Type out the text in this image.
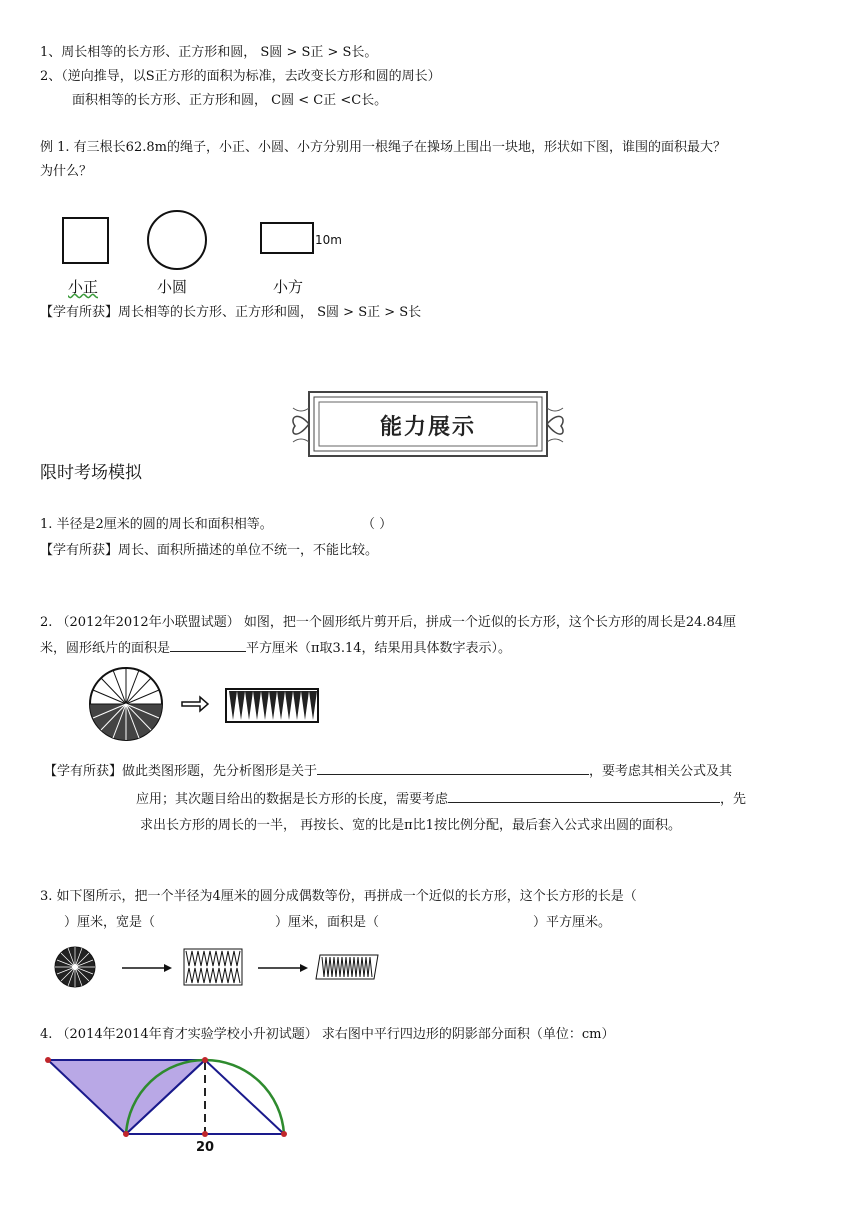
1、周长相等的长方形、正方形和圆， S圆 > S正 > S长。
2、（逆向推导，以S正方形的面积为标准，去改变长方形和圆的周长）
面积相等的长方形、正方形和圆， C圆 < C正 <C长。
例 1. 有三根长62.8m的绳子，小正、小圆、小方分别用一根绳子在操场上围出一块地，形状如下图，谁围的面积最大？
为什么？
10m
小正	小圆	小方
【学有所获】周长相等的长方形、正方形和圆， S圆 > S正 > S长
能力展示
限时考场模拟
1. 半径是2厘米的圆的周长和面积相等。	（ ）
【学有所获】周长、面积所描述的单位不统一，不能比较。
2. （2012年2012年小联盟试题） 如图，把一个圆形纸片剪开后，拼成一个近似的长方形，这个长方形的周长是24.84厘
米，圆形纸片的面积是	平方厘米（π取3.14，结果用具体数字表示）。
【学有所获】做此类图形题，先分析图形是关于	，要考虑其相关公式及其
应用；其次题目给出的数据是长方形的长度，需要考虑	，先
求出长方形的周长的一半， 再按长、宽的比是π比1按比例分配，最后套入公式求出圆的面积。
3. 如下图所示，把一个半径为4厘米的圆分成偶数等份，再拼成一个近似的长方形，这个长方形的长是（
）厘米，宽是（	）厘米，面积是（	）平方厘米。
4. （2014年2014年育才实验学校小升初试题） 求右图中平行四边形的阴影部分面积（单位：cm）
20
